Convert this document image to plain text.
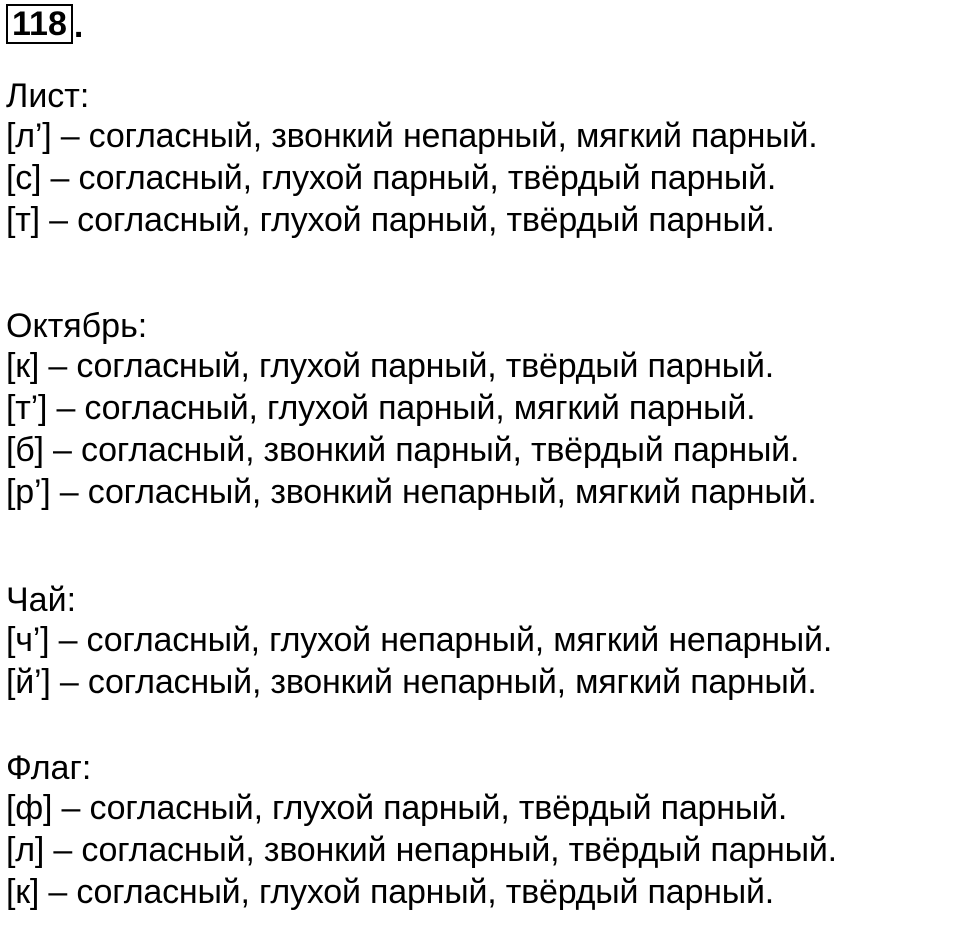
118 .
Лист:
[л’] – согласный, звонкий непарный, мягкий парный.
[с] – согласный, глухой парный, твёрдый парный.
[т] – согласный, глухой парный, твёрдый парный.
Октябрь:
[к] – согласный, глухой парный, твёрдый парный.
[т’] – согласный, глухой парный, мягкий парный.
[б] – согласный, звонкий парный, твёрдый парный.
[р’] – согласный, звонкий непарный, мягкий парный.
Чай:
[ч’] – согласный, глухой непарный, мягкий непарный.
[й’] – согласный, звонкий непарный, мягкий парный.
Флаг:
[ф] – согласный, глухой парный, твёрдый парный.
[л] – согласный, звонкий непарный, твёрдый парный.
[к] – согласный, глухой парный, твёрдый парный.
